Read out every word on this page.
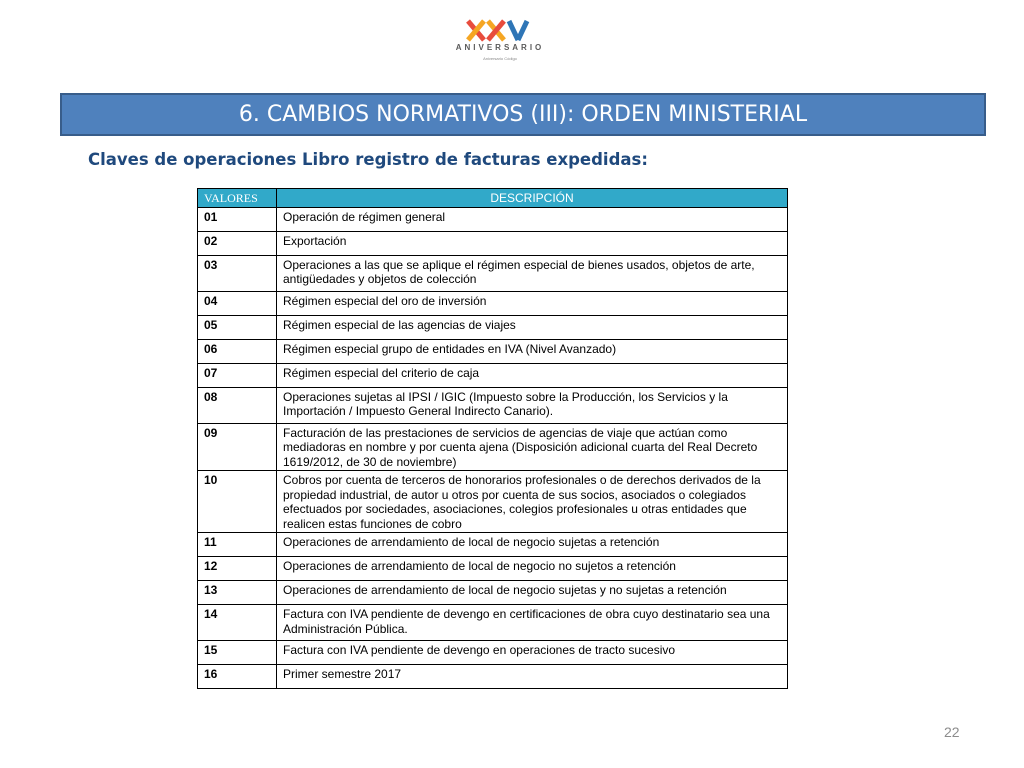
ANIVERSARIO
Aniversario Código
6. CAMBIOS NORMATIVOS (III): ORDEN MINISTERIAL
Claves de operaciones Libro registro de facturas expedidas:
VALORES	DESCRIPCIÓN
01	Operación de régimen general
02	Exportación
03	Operaciones a las que se aplique el régimen especial de bienes usados, objetos de arte, antigüedades y objetos de colección
04	Régimen especial del oro de inversión
05	Régimen especial de las agencias de viajes
06	Régimen especial grupo de entidades en IVA (Nivel Avanzado)
07	Régimen especial del criterio de caja
08	Operaciones sujetas al IPSI / IGIC (Impuesto sobre la Producción, los Servicios y la Importación / Impuesto General Indirecto Canario).
09	Facturación de las prestaciones de servicios de agencias de viaje que actúan como mediadoras en nombre y por cuenta ajena (Disposición adicional cuarta del Real Decreto 1619/2012, de 30 de noviembre)
10	Cobros por cuenta de terceros de honorarios profesionales o de derechos derivados de la propiedad industrial, de autor u otros por cuenta de sus socios, asociados o colegiados efectuados por sociedades, asociaciones, colegios profesionales u otras entidades que realicen estas funciones de cobro
11	Operaciones de arrendamiento de local de negocio sujetas a retención
12	Operaciones de arrendamiento de local de negocio no sujetos a retención
13	Operaciones de arrendamiento de local de negocio sujetas y no sujetas a retención
14	Factura con IVA pendiente de devengo en certificaciones de obra cuyo destinatario sea una Administración Pública.
15	Factura con IVA pendiente de devengo en operaciones de tracto sucesivo
16	Primer semestre 2017
22
